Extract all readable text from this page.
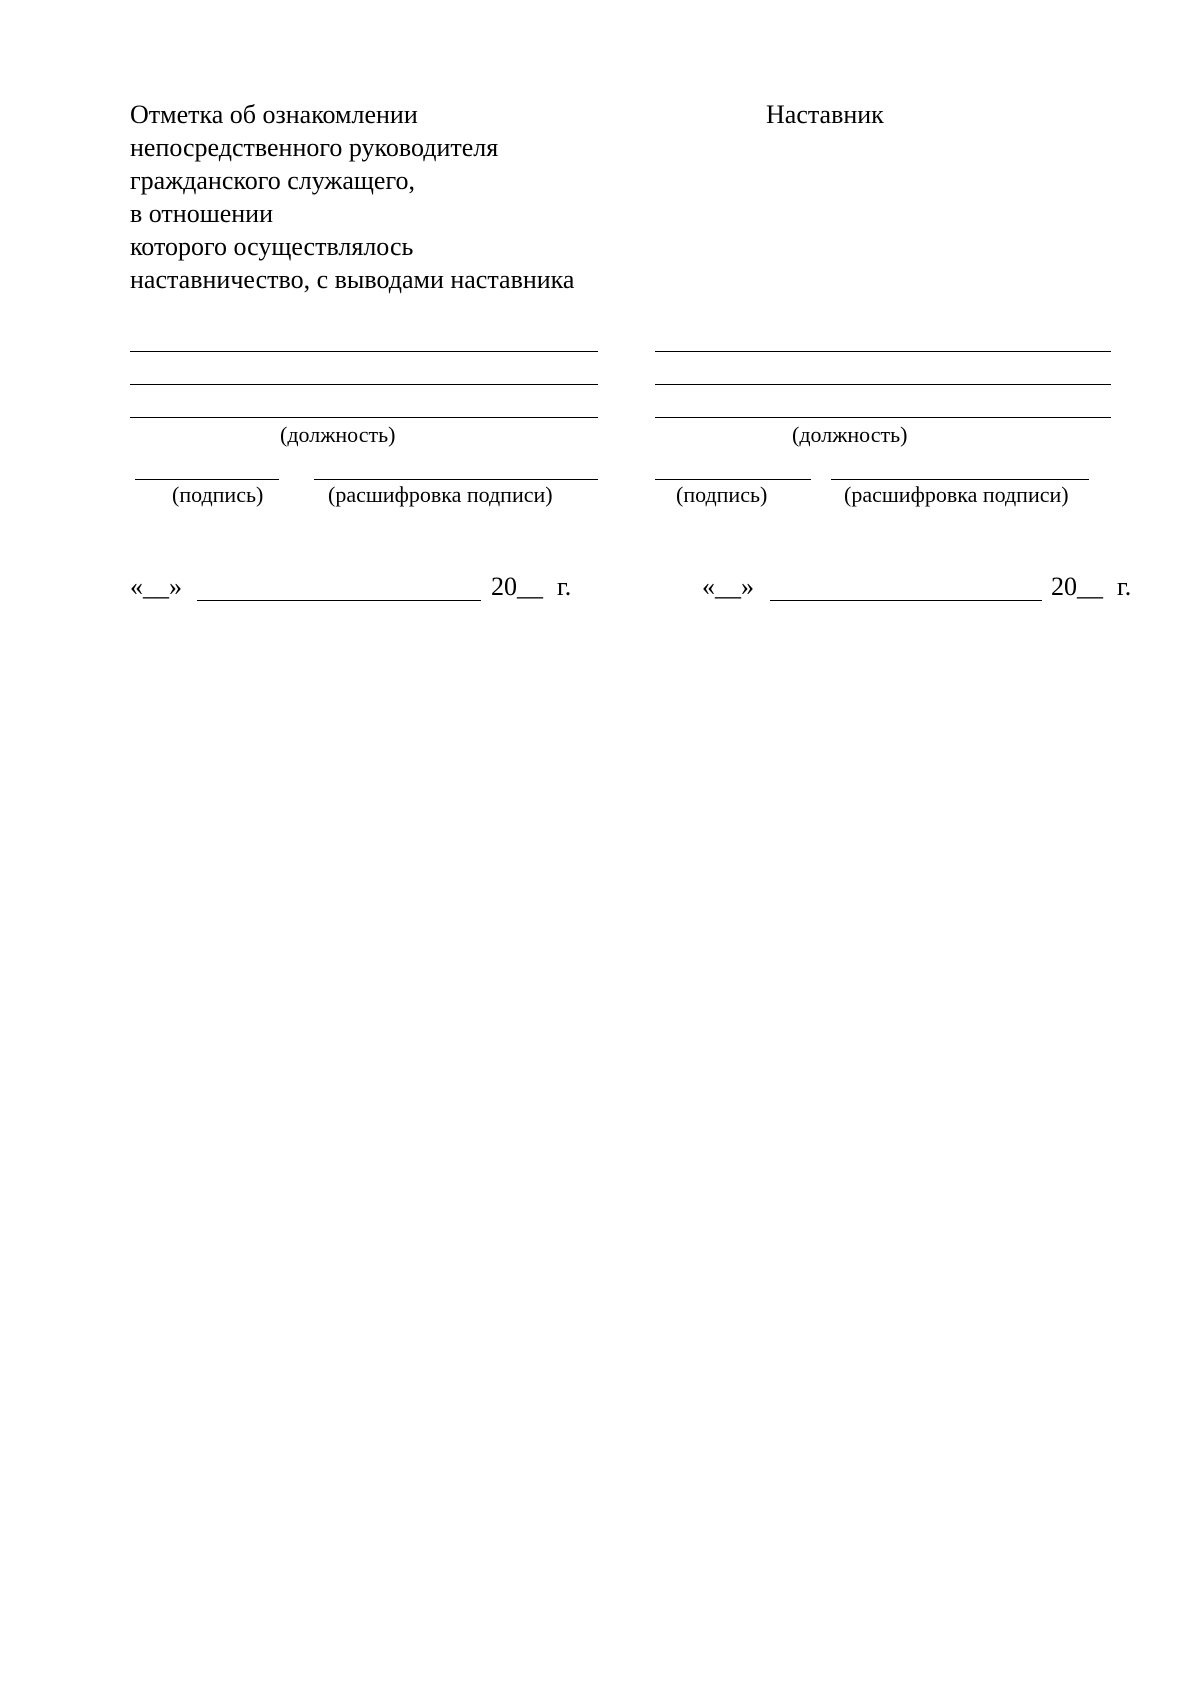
Отметка об ознакомлении
непосредственного руководителя
гражданского служащего,
в отношении
которого осуществлялось
наставничество, с выводами наставника
Наставник
(должность)	(должность)
(подпись)	(расшифровка подписи)	(подпись)	(расшифровка подписи)
«__»	20__ г.	«__»	20__ г.
